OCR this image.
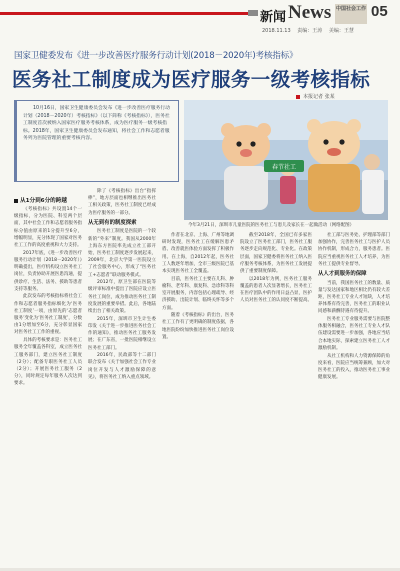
新闻 News 中国社会工作 05
2018.11.13 责编：王涛 美编：王慧
国家卫健委发布《进一步改善医疗服务行动计划(2018－2020年)考核指标》
医务社工制度成为医疗服务一级考核指标
本报记者 张某
10月16日，国家卫生健康委员会发布《进一步改善医疗服务行动计划（2018－2020年）考核指标》（以下简称《考核指标》），医务社工制度首次被纳入国家医疗服务考核体系，成为医疗服务一级考核指标。2018年，国家卫生健康委员会发布通知，将社会工作和志愿者服务列为医院管理的重要考核内容。
春节社工
今年3月21日，深圳市儿童医院的医务社工与患儿及家长在一起做活动（网络配图）
从1分到6分的跨越

《考核指标》共设置14个一级指标，分为医院、科室两个层面，其中社会工作和志愿者服务指标分值由原来的1分提升至6分，增幅明显，充分体现了国家对医务社工工作的高度重视和大力支持。

2017年底，《进一步改善医疗服务行动计划（2018－2020年）》明确提出，医疗机构设立医务社工岗位，负责协助开展医患沟通，提供诊疗、生活、法务、援助等患者支持等服务。

此次发布的考核指标将社会工作和志愿者服务指标细化为‘医务社工制度’一项，由原先的‘志愿者服务’变化为‘医务社工制度’，分数由1分增加至6分，充分彰显国家对医务社工工作的重视。

具体的考核要求是：医务社工服务全年覆盖各科室，成立医务社工服务部门，建立医务社工制度（2分）；配备专职医务社工人员（2分）；开展医务社工服务（2分），同时规定每年服务人次达到要求。

除了《考核指标》出台“指挥棒”，地方层面也相继推出医务社工相关政策，医务社工制度已经成为医疗服务的一部分。

从无到有的制度探索

医务社工制度是医院的一个较新的“外来”制度。我国从2000年上海东方医院率先成立社工部开始，医务社工制度逐步发展起来，2009年，北京大学第一医院设立了社会服务中心，形成了“医务社工+志愿者”联动服务模式。

2012年，原卫生部在医院等级评审标准中提出了医院应设立医务社工岗位，成为推动医务社工制度发展的重要举措。此后，各地陆续出台了相关政策。

2015年，深圳市卫生计生委印发《关于进一步推进医务社会工作的通知》，推动医务社工服务发展；在广东省，一批医院相继设立医务社工部门。

2016年，民政部等十二部门联合发布《关于加强社会工作专业岗位开发与人才激励保障的意见》，将医务社工纳入重点领域。

作者在北京、上海、广州等地调研时发现，医务社工在缓解医患矛盾、改善就医体验方面发挥了积极作用。在上海，自2012年起，医务社工人数逐年增加，全市三级医院已基本实现医务社工全覆盖。

目前，医务社工主要在儿科、肿瘤科、老年科、康复科、急诊科等科室开展服务，内容包括心理疏导、经济援助、出院计划、临终关怀等多个方面。

随着《考核指标》的出台，医务社工工作有了更明确的制度依据，各地医院纷纷加快推进医务社工岗位设置。

截至2018年，全国已有多家医院设立了医务社工部门，医务社工服务逐步走向规范化、专业化。在政策层面，国家卫健委将医务社工纳入医疗服务考核体系，为医务社工发展提供了重要制度保障。

以2018年为例，医务社工服务覆盖的患者人次显著增长，医务社工在医疗团队中的作用日益凸显，医护人员对医务社工的认同度不断提高。

社工部与医务处、护理部等部门加强协作，完善医务社工与医护人员协作机制，形成合力，服务患者。医院应当重视医务社工人才培养，为医务社工提供专业督导。

从人才到服务的保障

当前，我国医务社工的数量、质量与发达国家和地区相比仍有较大差距，医务社工专业人才短缺，人才培养体系有待完善，医务社工的职业认同感和薪酬待遇有待提升。

医务社工专业服务需要与医院整体服务相融合，医务社工专业人才队伍建设需要进一步加强，各地应当结合本地实际，探索建立医务社工人才激励机制。

从社工机构和人力资源保障的角度来看，医院应当统筹兼顾，加大对医务社工的投入，推动医务社工事业健康发展。
